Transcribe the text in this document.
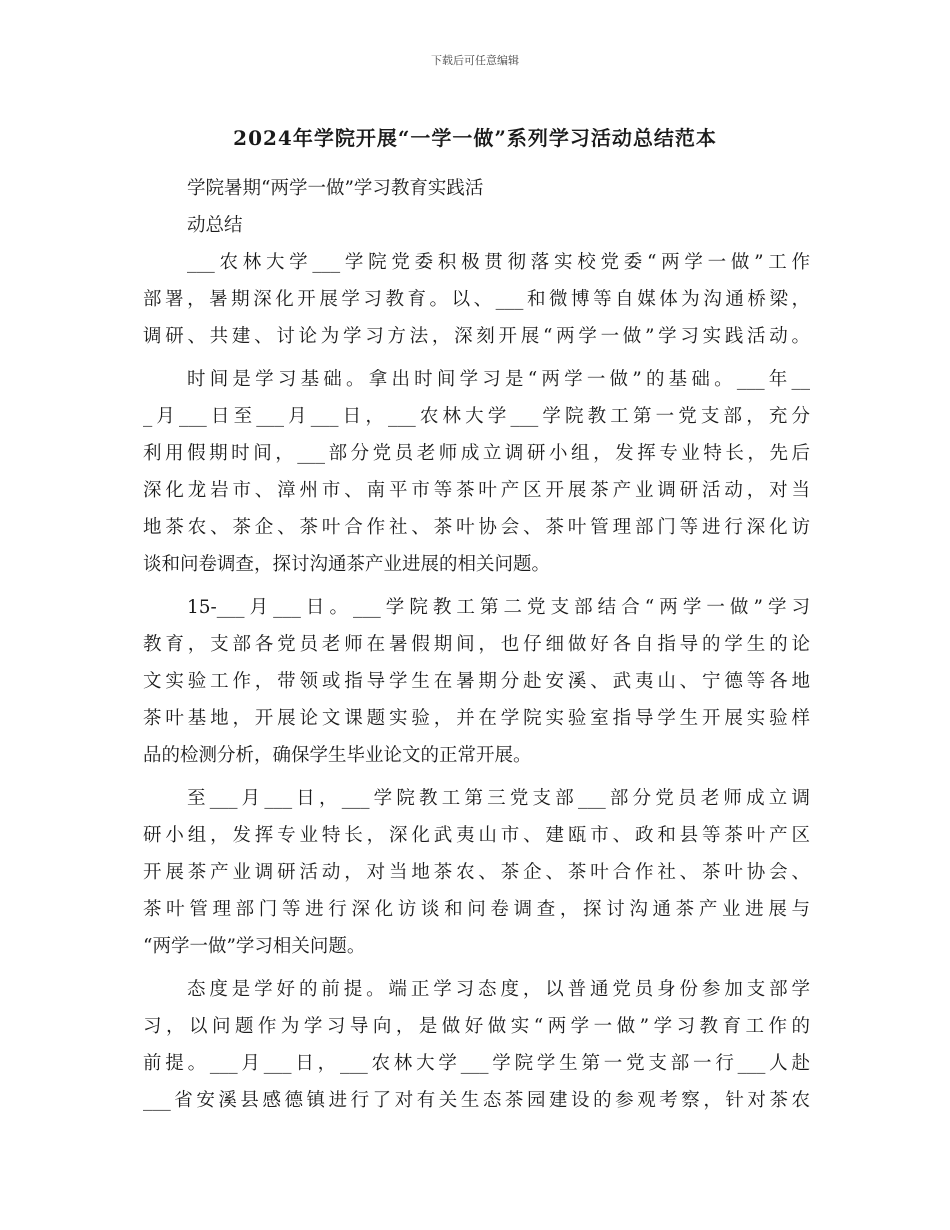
下载后可任意编辑
2024年学院开展“一学一做”系列学习活动总结范本
学院暑期“两学一做”学习教育实践活
动总结
___农林大学___学院党委积极贯彻落实校党委“两学一做”工作
部署，暑期深化开展学习教育。以、___和微博等自媒体为沟通桥梁，
调研、共建、讨论为学习方法，深刻开展“两学一做”学习实践活动。
时间是学习基础。拿出时间学习是“两学一做”的基础。___年__
_月___日至___月___日，___农林大学___学院教工第一党支部，充分
利用假期时间，___部分党员老师成立调研小组，发挥专业特长，先后
深化龙岩市、漳州市、南平市等茶叶产区开展茶产业调研活动，对当
地茶农、茶企、茶叶合作社、茶叶协会、茶叶管理部门等进行深化访
谈和问卷调查，探讨沟通茶产业进展的相关问题。
15-___月___日。___学院教工第二党支部结合“两学一做”学习
教育，支部各党员老师在暑假期间，也仔细做好各自指导的学生的论
文实验工作，带领或指导学生在暑期分赴安溪、武夷山、宁德等各地
茶叶基地，开展论文课题实验，并在学院实验室指导学生开展实验样
品的检测分析，确保学生毕业论文的正常开展。
至___月___日，___学院教工第三党支部___部分党员老师成立调
研小组，发挥专业特长，深化武夷山市、建瓯市、政和县等茶叶产区
开展茶产业调研活动，对当地茶农、茶企、茶叶合作社、茶叶协会、
茶叶管理部门等进行深化访谈和问卷调查，探讨沟通茶产业进展与
“两学一做”学习相关问题。
态度是学好的前提。端正学习态度，以普通党员身份参加支部学
习，以问题作为学习导向，是做好做实“两学一做”学习教育工作的
前提。___月___日，___农林大学___学院学生第一党支部一行___人赴
___省安溪县感德镇进行了对有关生态茶园建设的参观考察，针对茶农
